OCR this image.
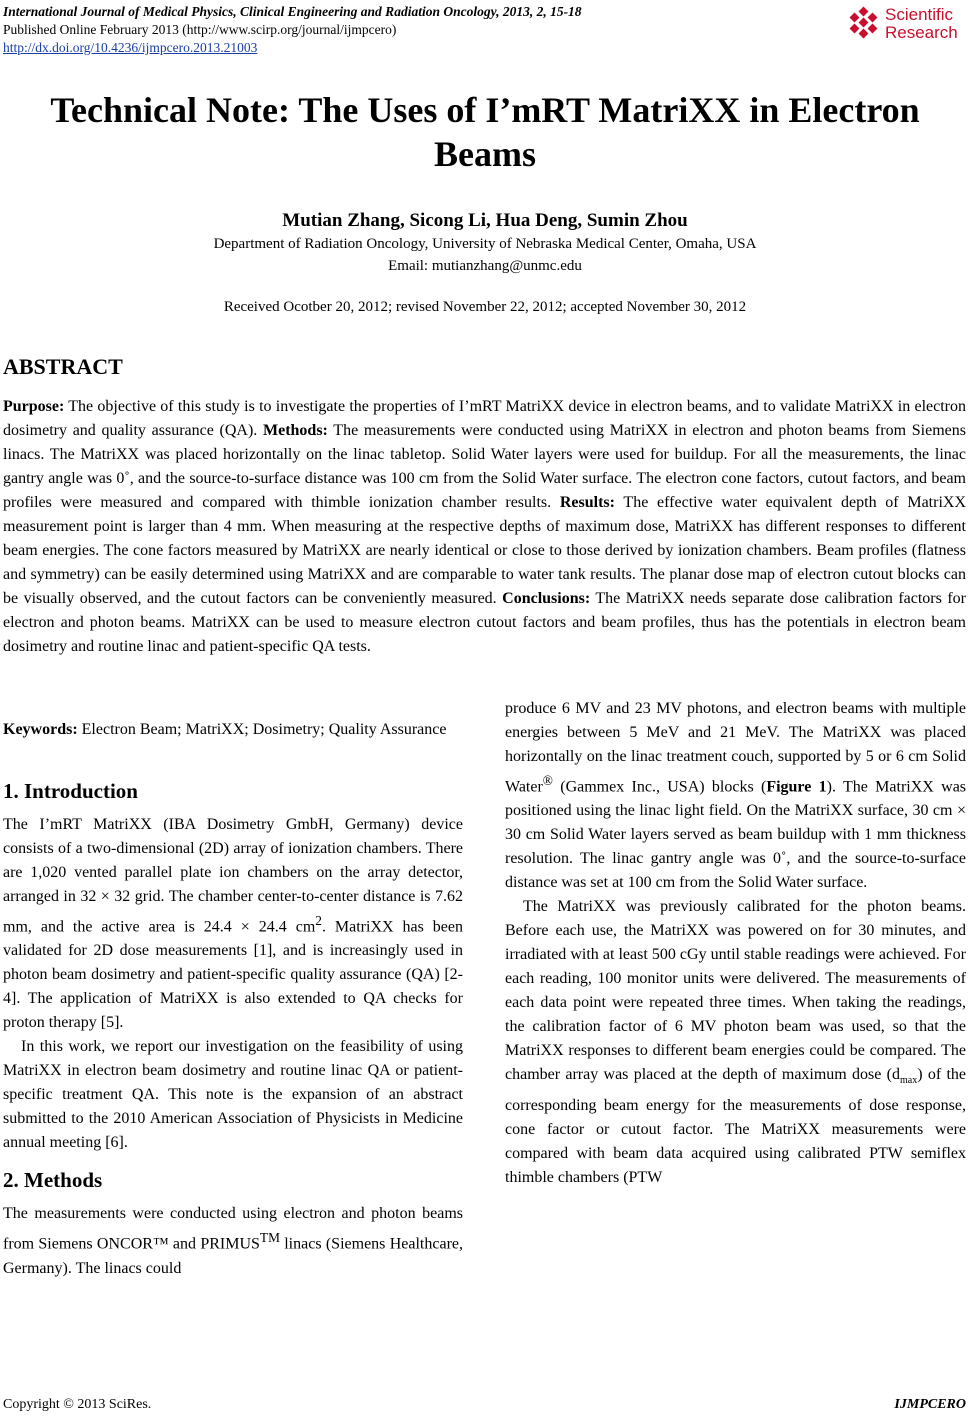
International Journal of Medical Physics, Clinical Engineering and Radiation Oncology, 2013, 2, 15-18
Published Online February 2013 (http://www.scirp.org/journal/ijmpcero)
http://dx.doi.org/10.4236/ijmpcero.2013.21003
Scientific
Research
Technical Note: The Uses of I’mRT MatriXX in Electron
Beams
Mutian Zhang, Sicong Li, Hua Deng, Sumin Zhou
Department of Radiation Oncology, University of Nebraska Medical Center, Omaha, USA
Email: mutianzhang@unmc.edu
Received Ocotber 20, 2012; revised November 22, 2012; accepted November 30, 2012
ABSTRACT
Purpose: The objective of this study is to investigate the properties of I’mRT MatriXX device in electron beams, and to validate MatriXX in electron dosimetry and quality assurance (QA). Methods: The measurements were conducted using MatriXX in electron and photon beams from Siemens linacs. The MatriXX was placed horizontally on the linac tabletop. Solid Water layers were used for buildup. For all the measurements, the linac gantry angle was 0˚, and the source-to-surface distance was 100 cm from the Solid Water surface. The electron cone factors, cutout factors, and beam profiles were measured and compared with thimble ionization chamber results. Results: The effective water equivalent depth of MatriXX measurement point is larger than 4 mm. When measuring at the respective depths of maximum dose, MatriXX has different responses to different beam energies. The cone factors measured by MatriXX are nearly identical or close to those derived by ionization chambers. Beam profiles (flatness and symmetry) can be easily determined using MatriXX and are comparable to water tank results. The planar dose map of electron cutout blocks can be visually observed, and the cutout factors can be conveniently measured. Conclusions: The MatriXX needs separate dose calibration factors for electron and photon beams. MatriXX can be used to measure electron cutout factors and beam profiles, thus has the potentials in electron beam dosimetry and routine linac and patient-specific QA tests.
Keywords: Electron Beam; MatriXX; Dosimetry; Quality Assurance
1. Introduction

The I’mRT MatriXX (IBA Dosimetry GmbH, Germany) device consists of a two-dimensional (2D) array of ionization chambers. There are 1,020 vented parallel plate ion chambers on the array detector, arranged in 32 × 32 grid. The chamber center-to-center distance is 7.62 mm, and the active area is 24.4 × 24.4 $cm^2$. MatriXX has been validated for 2D dose measurements [1], and is increasingly used in photon beam dosimetry and patient-specific quality assurance (QA) [2-4]. The application of MatriXX is also extended to QA checks for proton therapy [5].

In this work, we report our investigation on the feasibility of using MatriXX in electron beam dosimetry and routine linac QA or patient-specific treatment QA. This note is the expansion of an abstract submitted to the 2010 American Association of Physicists in Medicine annual meeting [6].

2. Methods

The measurements were conducted using electron and photon beams from Siemens ONCOR™ and PRIMUS™ linacs (Siemens Healthcare, Germany). The linacs could

produce 6 MV and 23 MV photons, and electron beams with multiple energies between 5 MeV and 21 MeV. The MatriXX was placed horizontally on the linac treatment couch, supported by 5 or 6 cm Solid Water® (Gammex Inc., USA) blocks (Figure 1). The MatriXX was positioned using the linac light field. On the MatriXX surface, 30 cm × 30 cm Solid Water layers served as beam buildup with 1 mm thickness resolution. The linac gantry angle was 0˚, and the source-to-surface distance was set at 100 cm from the Solid Water surface.

The MatriXX was previously calibrated for the photon beams. Before each use, the MatriXX was powered on for 30 minutes, and irradiated with at least 500 cGy until stable readings were achieved. For each reading, 100 monitor units were delivered. The measurements of each data point were repeated three times. When taking the readings, the calibration factor of 6 MV photon beam was used, so that the MatriXX responses to different beam energies could be compared. The chamber array was placed at the depth of maximum dose $(d_{max})$ of the corresponding beam energy for the measurements of dose response, cone factor or cutout factor. The MatriXX measurements were compared with beam data acquired using calibrated PTW semiflex thimble chambers (PTW

Copyright © 2013 SciRes.	IJMPCERO
